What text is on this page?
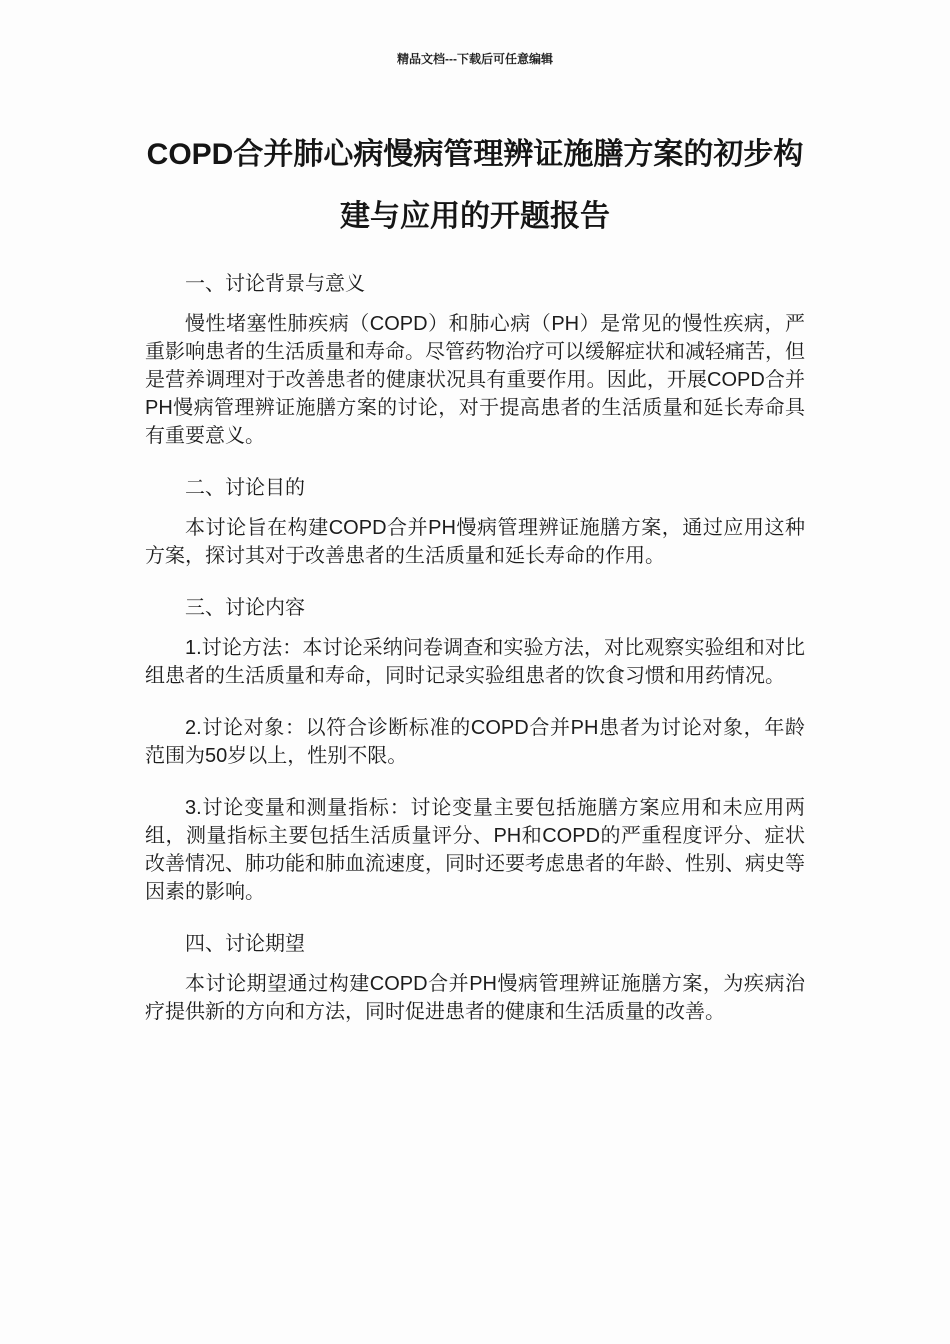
精品文档---下载后可任意编辑
COPD合并肺心病慢病管理辨证施膳方案的初步构
建与应用的开题报告

一、讨论背景与意义

慢性堵塞性肺疾病（COPD）和肺心病（PH）是常见的慢性疾病，严重影响患者的生活质量和寿命。尽管药物治疗可以缓解症状和减轻痛苦，但是营养调理对于改善患者的健康状况具有重要作用。因此，开展COPD合并PH慢病管理辨证施膳方案的讨论，对于提高患者的生活质量和延长寿命具有重要意义。

二、讨论目的

本讨论旨在构建COPD合并PH慢病管理辨证施膳方案，通过应用这种方案，探讨其对于改善患者的生活质量和延长寿命的作用。

三、讨论内容

1.讨论方法：本讨论采纳问卷调查和实验方法，对比观察实验组和对比组患者的生活质量和寿命，同时记录实验组患者的饮食习惯和用药情况。

2.讨论对象：以符合诊断标准的COPD合并PH患者为讨论对象，年龄范围为50岁以上，性别不限。

3.讨论变量和测量指标：讨论变量主要包括施膳方案应用和未应用两组，测量指标主要包括生活质量评分、PH和COPD的严重程度评分、症状改善情况、肺功能和肺血流速度，同时还要考虑患者的年龄、性别、病史等因素的影响。

四、讨论期望

本讨论期望通过构建COPD合并PH慢病管理辨证施膳方案，为疾病治疗提供新的方向和方法，同时促进患者的健康和生活质量的改善。
